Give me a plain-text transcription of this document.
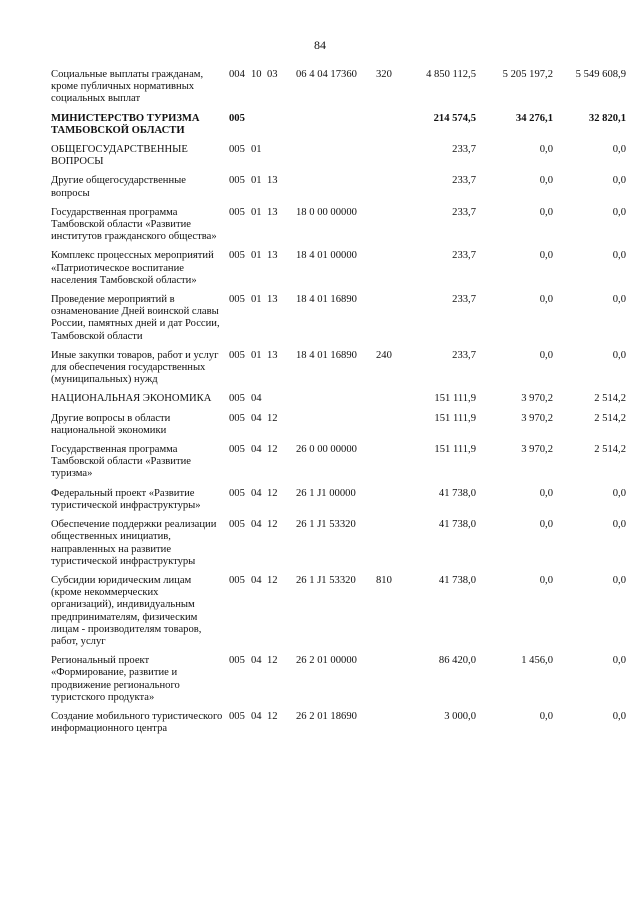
84
Социальные выплаты гражданам, кроме публичных нормативных социальных выплат	004	10	03	06 4 04 17360	320	4 850 112,5	5 205 197,2	5 549 608,9
МИНИСТЕРСТВО ТУРИЗМА ТАМБОВСКОЙ ОБЛАСТИ	005					214 574,5	34 276,1	32 820,1
ОБЩЕГОСУДАРСТВЕННЫЕ ВОПРОСЫ	005	01				233,7	0,0	0,0
Другие общегосударственные вопросы	005	01	13			233,7	0,0	0,0
Государственная программа Тамбовской области «Развитие институтов гражданского общества»	005	01	13	18 0 00 00000		233,7	0,0	0,0
Комплекс процессных мероприятий «Патриотическое воспитание населения Тамбовской области»	005	01	13	18 4 01 00000		233,7	0,0	0,0
Проведение мероприятий в ознаменование Дней воинской славы России, памятных дней и дат России, Тамбовской области	005	01	13	18 4 01 16890		233,7	0,0	0,0
Иные закупки товаров, работ и услуг для обеспечения государственных (муниципальных) нужд	005	01	13	18 4 01 16890	240	233,7	0,0	0,0
НАЦИОНАЛЬНАЯ ЭКОНОМИКА	005	04				151 111,9	3 970,2	2 514,2
Другие вопросы в области национальной экономики	005	04	12			151 111,9	3 970,2	2 514,2
Государственная программа Тамбовской области «Развитие туризма»	005	04	12	26 0 00 00000		151 111,9	3 970,2	2 514,2
Федеральный проект «Развитие туристической инфраструктуры»	005	04	12	26 1 J1 00000		41 738,0	0,0	0,0
Обеспечение поддержки реализации общественных инициатив, направленных на развитие туристической инфраструктуры	005	04	12	26 1 J1 53320		41 738,0	0,0	0,0
Субсидии юридическим лицам (кроме некоммерческих организаций), индивидуальным предпринимателям, физическим лицам - производителям товаров, работ, услуг	005	04	12	26 1 J1 53320	810	41 738,0	0,0	0,0
Региональный проект «Формирование, развитие и продвижение регионального туристского продукта»	005	04	12	26 2 01 00000		86 420,0	1 456,0	0,0
Создание мобильного туристического информационного центра	005	04	12	26 2 01 18690		3 000,0	0,0	0,0
